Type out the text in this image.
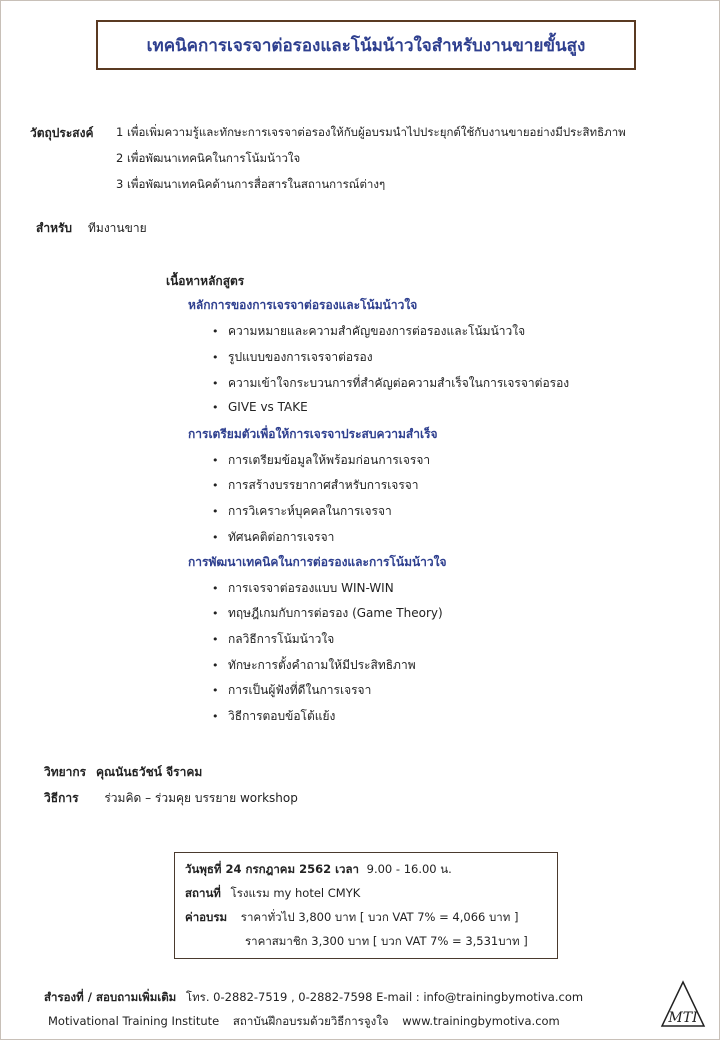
เทคนิคการเจรจาต่อรองและโน้มน้าวใจสำหรับงานขายขั้นสูง
วัตถุประสงค์ 1 เพื่อเพิ่มความรู้และทักษะการเจรจาต่อรองให้กับผู้อบรมนำไปประยุกต์ใช้กับงานขายอย่างมีประสิทธิภาพ
2 เพื่อพัฒนาเทคนิคในการโน้มน้าวใจ
3 เพื่อพัฒนาเทคนิคด้านการสื่อสารในสถานการณ์ต่างๆ
สำหรับ ทีมงานขาย
เนื้อหาหลักสูตร
หลักการของการเจรจาต่อรองและโน้มน้าวใจ
• ความหมายและความสำคัญของการต่อรองและโน้มน้าวใจ
• รูปแบบของการเจรจาต่อรอง
• ความเข้าใจกระบวนการที่สำคัญต่อความสำเร็จในการเจรจาต่อรอง
• GIVE vs TAKE
การเตรียมตัวเพื่อให้การเจรจาประสบความสำเร็จ
• การเตรียมข้อมูลให้พร้อมก่อนการเจรจา
• การสร้างบรรยากาศสำหรับการเจรจา
• การวิเคราะห์บุคคลในการเจรจา
• ทัศนคติต่อการเจรจา
การพัฒนาเทคนิคในการต่อรองและการโน้มน้าวใจ
• การเจรจาต่อรองแบบ WIN-WIN
• ทฤษฎีเกมกับการต่อรอง (Game Theory)
• กลวิธีการโน้มน้าวใจ
• ทักษะการตั้งคำถามให้มีประสิทธิภาพ
• การเป็นผู้ฟังที่ดีในการเจรจา
• วิธีการตอบข้อโต้แย้ง
วิทยากร คุณนันธวัชน์ จีราคม
วิธีการ ร่วมคิด – ร่วมคุย บรรยาย workshop
วันพุธที่ 24 กรกฎาคม 2562 เวลา 9.00 - 16.00 น.
สถานที่ โรงแรม my hotel CMYK
ค่าอบรม ราคาทั่วไป 3,800 บาท [ บวก VAT 7% = 4,066 บาท ]
ราคาสมาชิก 3,300 บาท [ บวก VAT 7% = 3,531บาท ]
สำรองที่ / สอบถามเพิ่มเติม โทร. 0-2882-7519 , 0-2882-7598 E-mail : info@trainingbymotiva.com
Motivational Training Institute สถาบันฝึกอบรมด้วยวิธีการจูงใจ www.trainingbymotiva.com	MTI
